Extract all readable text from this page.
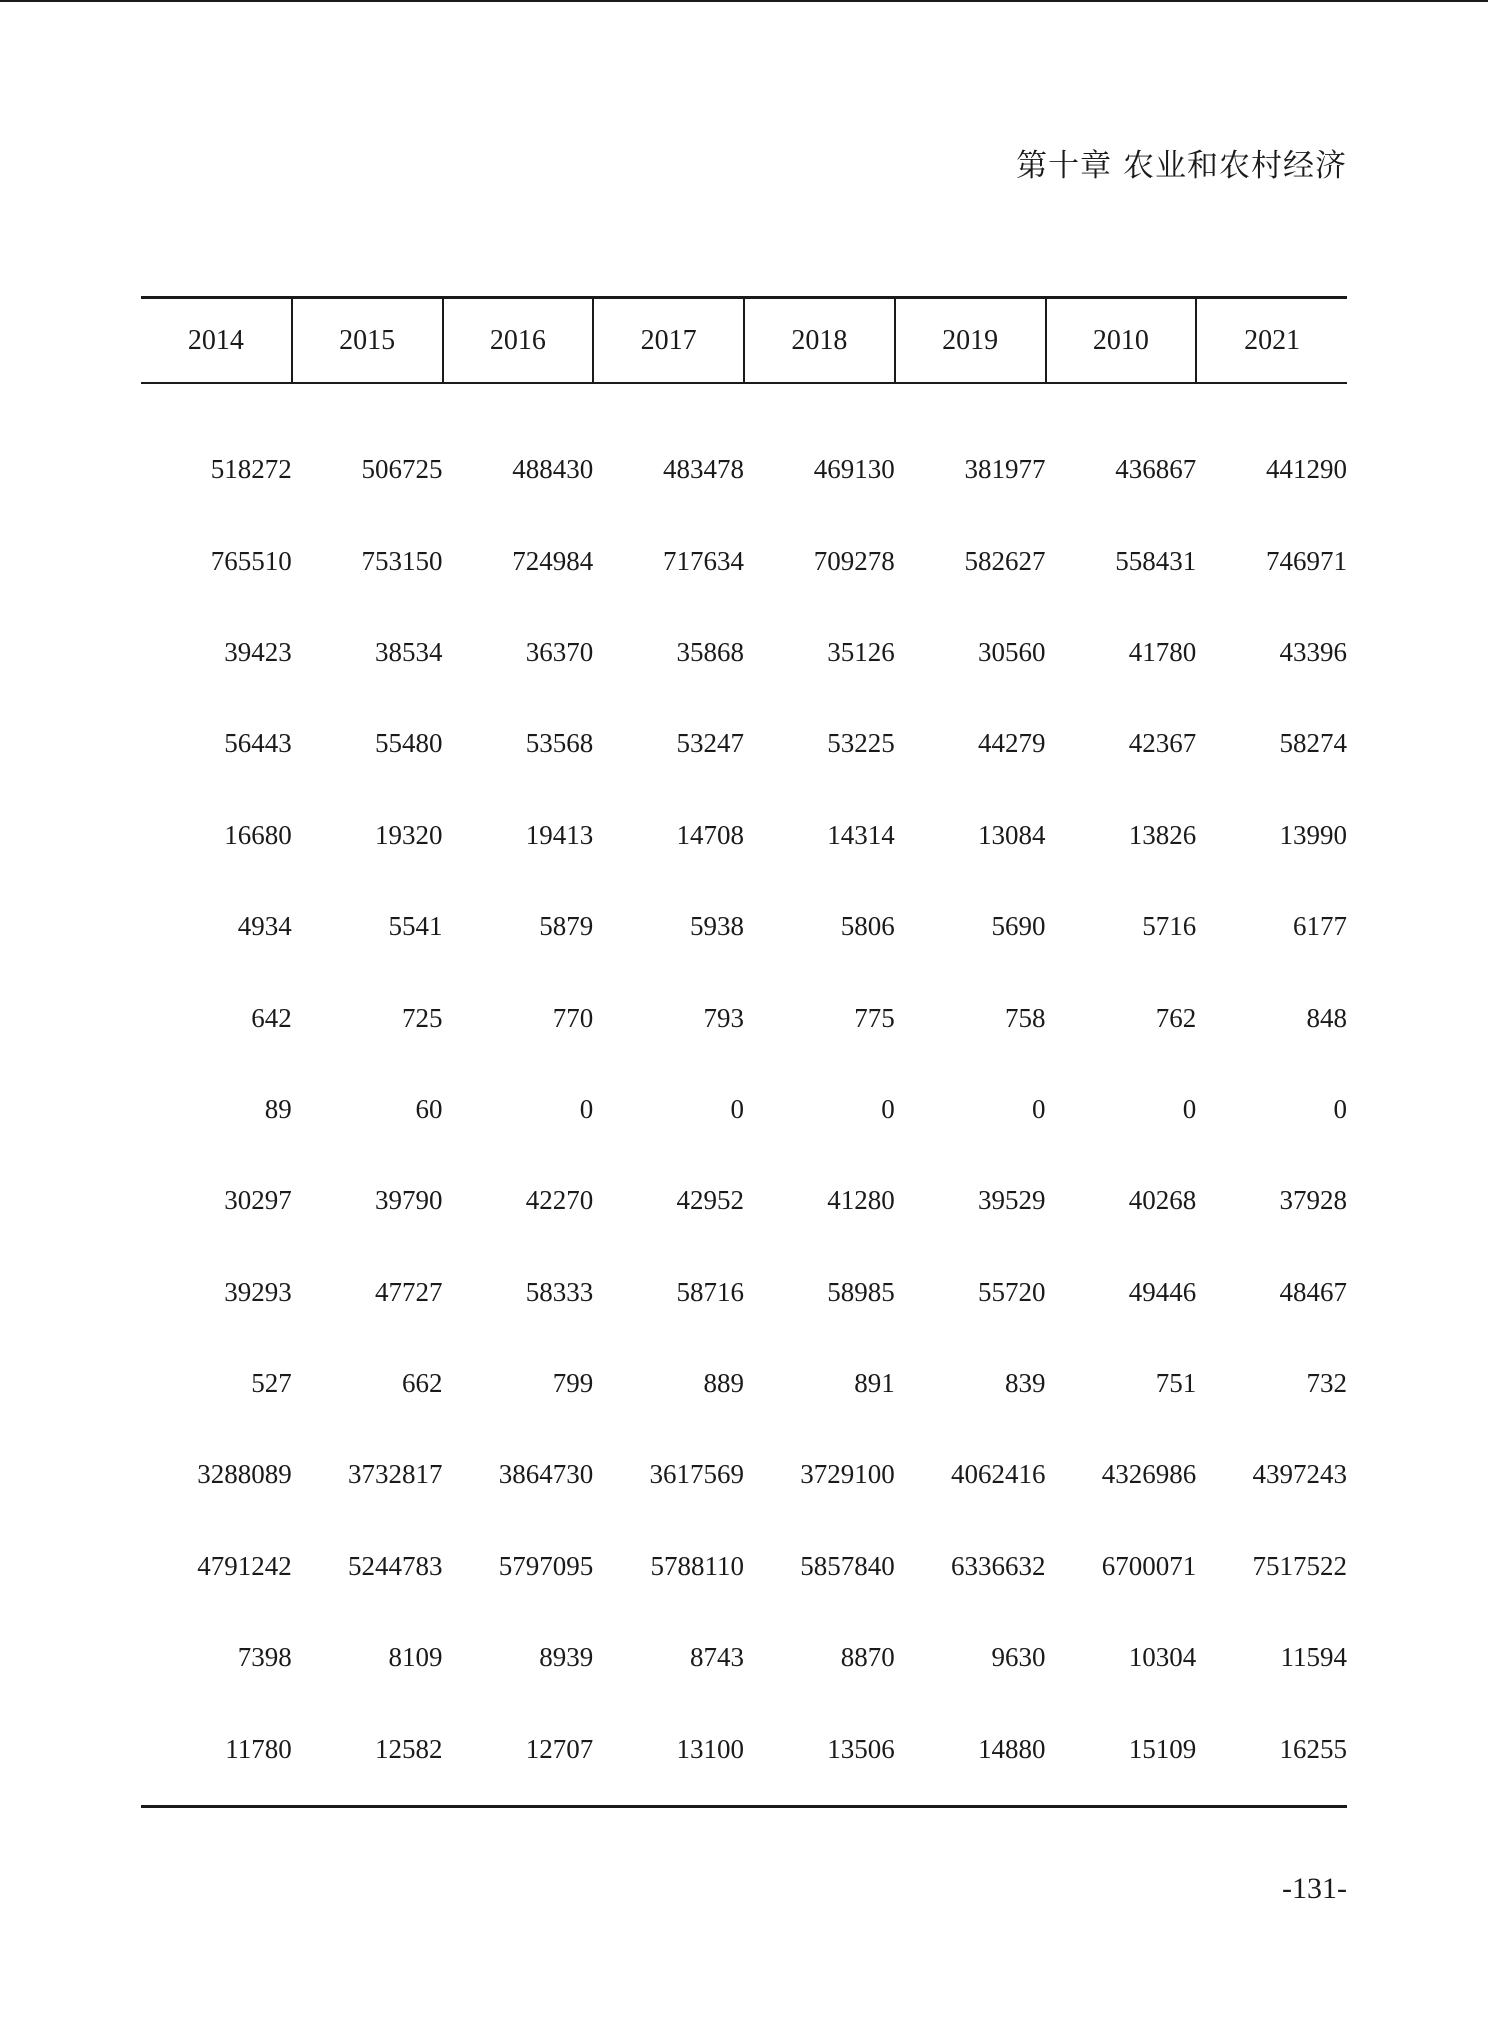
第十章 农业和农村经济
2014	2015	2016	2017	2018	2019	2010	2021
518272	506725	488430	483478	469130	381977	436867	441290
765510	753150	724984	717634	709278	582627	558431	746971
39423	38534	36370	35868	35126	30560	41780	43396
56443	55480	53568	53247	53225	44279	42367	58274
16680	19320	19413	14708	14314	13084	13826	13990
4934	5541	5879	5938	5806	5690	5716	6177
642	725	770	793	775	758	762	848
89	60	0	0	0	0	0	0
30297	39790	42270	42952	41280	39529	40268	37928
39293	47727	58333	58716	58985	55720	49446	48467
527	662	799	889	891	839	751	732
3288089	3732817	3864730	3617569	3729100	4062416	4326986	4397243
4791242	5244783	5797095	5788110	5857840	6336632	6700071	7517522
7398	8109	8939	8743	8870	9630	10304	11594
11780	12582	12707	13100	13506	14880	15109	16255
-131-
